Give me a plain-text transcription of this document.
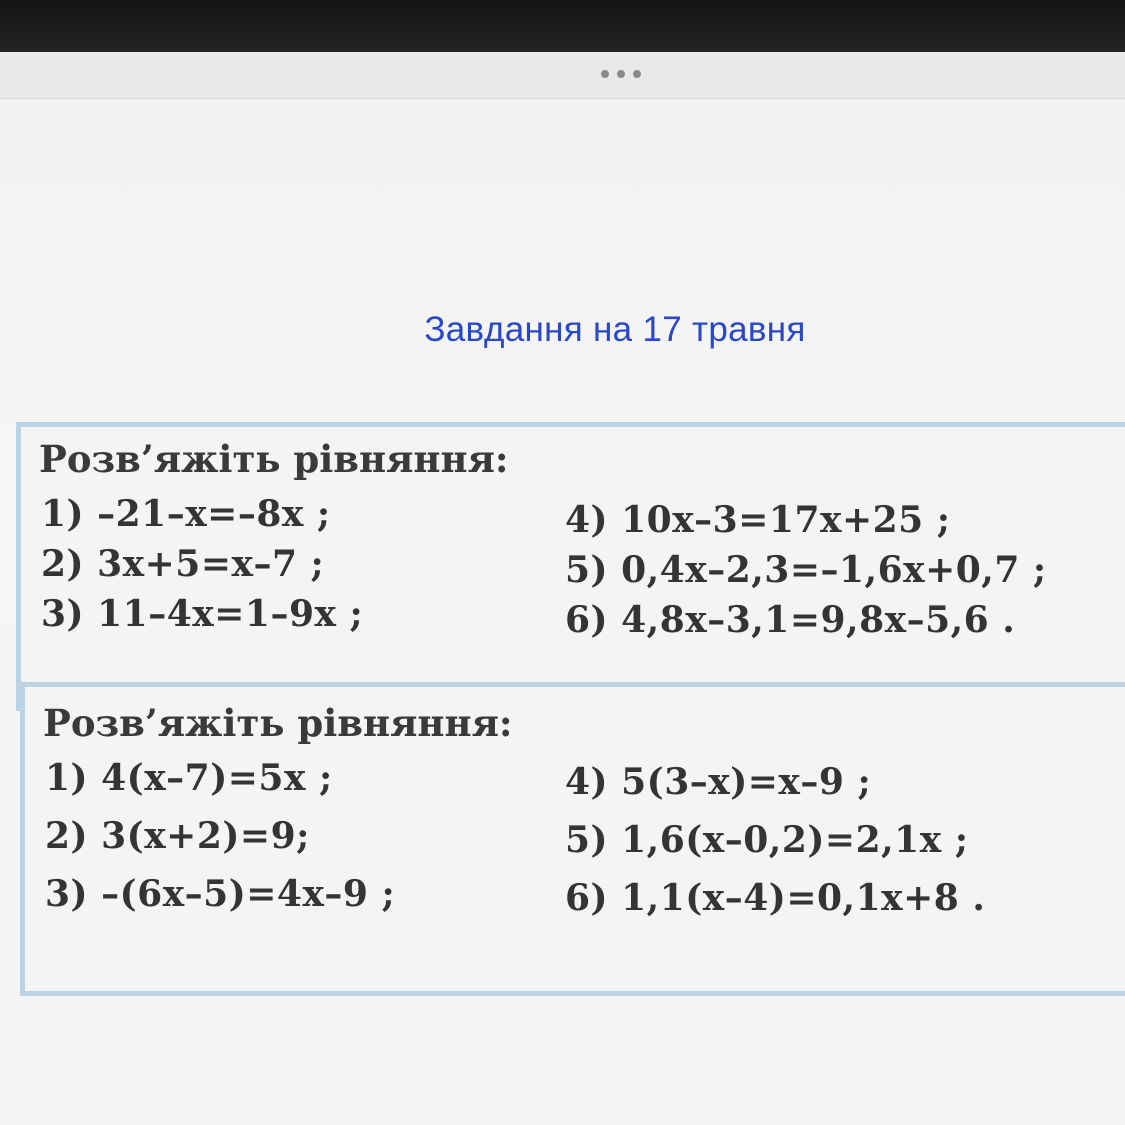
Завдання на 17 травня
Розв’яжіть рівняння:
1) –21–x=–8x ;
2) 3x+5=x–7 ;
3) 11–4x=1–9x ;
4) 10x–3=17x+25 ;
5) 0,4x–2,3=–1,6x+0,7 ;
6) 4,8x–3,1=9,8x–5,6 .
Розв’яжіть рівняння:
1) 4(x–7)=5x ;
2) 3(x+2)=9;
3) –(6x–5)=4x–9 ;
4) 5(3–x)=x–9 ;
5) 1,6(x–0,2)=2,1x ;
6) 1,1(x–4)=0,1x+8 .
